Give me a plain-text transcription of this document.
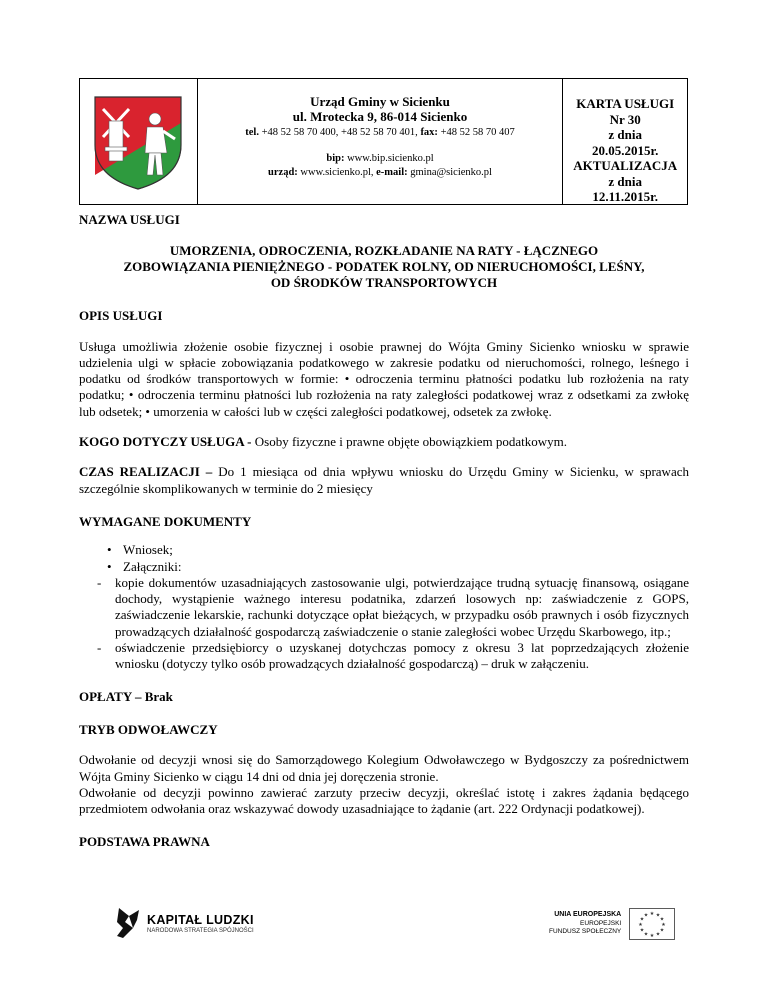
Urząd Gminy w Sicienku
ul. Mrotecka 9, 86-014 Sicienko
tel. +48 52 58 70 400, +48 52 58 70 401, fax: +48 52 58 70 407
bip: www.bip.sicienko.pl
urząd: www.sicienko.pl, e-mail: gmina@sicienko.pl
KARTA USŁUGI
Nr 30
z dnia
20.05.2015r.
AKTUALIZACJA
z dnia
12.11.2015r.
NAZWA USŁUGI
UMORZENIA, ODROCZENIA, ROZKŁADANIE NA RATY - ŁĄCZNEGO
ZOBOWIĄZANIA PIENIĘŻNEGO - PODATEK ROLNY, OD NIERUCHOMOŚCI, LEŚNY,
OD ŚRODKÓW TRANSPORTOWYCH
OPIS USŁUGI
Usługa umożliwia złożenie osobie fizycznej i osobie prawnej do Wójta Gminy Sicienko wniosku w sprawie udzielenia ulgi w spłacie zobowiązania podatkowego w zakresie podatku od nieruchomości, rolnego, leśnego i podatku od środków transportowych w formie: • odroczenia terminu płatności podatku lub rozłożenia na raty podatku; • odroczenia terminu płatności lub rozłożenia na raty zaległości podatkowej wraz z odsetkami za zwłokę lub odsetek; • umorzenia w całości lub w części zaległości podatkowej, odsetek za zwłokę.
KOGO DOTYCZY USŁUGA - Osoby fizyczne i prawne objęte obowiązkiem podatkowym.
CZAS REALIZACJI – Do 1 miesiąca od dnia wpływu wniosku do Urzędu Gminy w Sicienku, w sprawach szczególnie skomplikowanych w terminie do 2 miesięcy
WYMAGANE DOKUMENTY
• Wniosek;
• Załączniki:
- kopie dokumentów uzasadniających zastosowanie ulgi, potwierdzające trudną sytuację finansową, osiągane dochody, wystąpienie ważnego interesu podatnika, zdarzeń losowych np: zaświadczenie z GOPS, zaświadczenie lekarskie, rachunki dotyczące opłat bieżących, w przypadku osób prawnych i osób fizycznych prowadzących działalność gospodarczą zaświadczenie o stanie zaległości wobec Urzędu Skarbowego, itp.;
- oświadczenie przedsiębiorcy o uzyskanej dotychczas pomocy z okresu 3 lat poprzedzających złożenie wniosku (dotyczy tylko osób prowadzących działalność gospodarczą) – druk w załączeniu.
OPŁATY – Brak
TRYB ODWOŁAWCZY
Odwołanie od decyzji wnosi się do Samorządowego Kolegium Odwoławczego w Bydgoszczy za pośrednictwem Wójta Gminy Sicienko w ciągu 14 dni od dnia jej doręczenia stronie.
Odwołanie od decyzji powinno zawierać zarzuty przeciw decyzji, określać istotę i zakres żądania będącego przedmiotem odwołania oraz wskazywać dowody uzasadniające to żądanie (art. 222 Ordynacji podatkowej).
PODSTAWA PRAWNA
KAPITAŁ LUDZKI
NARODOWA STRATEGIA SPÓJNOŚCI
UNIA EUROPEJSKA
EUROPEJSKI
FUNDUSZ SPOŁECZNY
★ ★
★
★
★
★
★
★
★
★
★
★
